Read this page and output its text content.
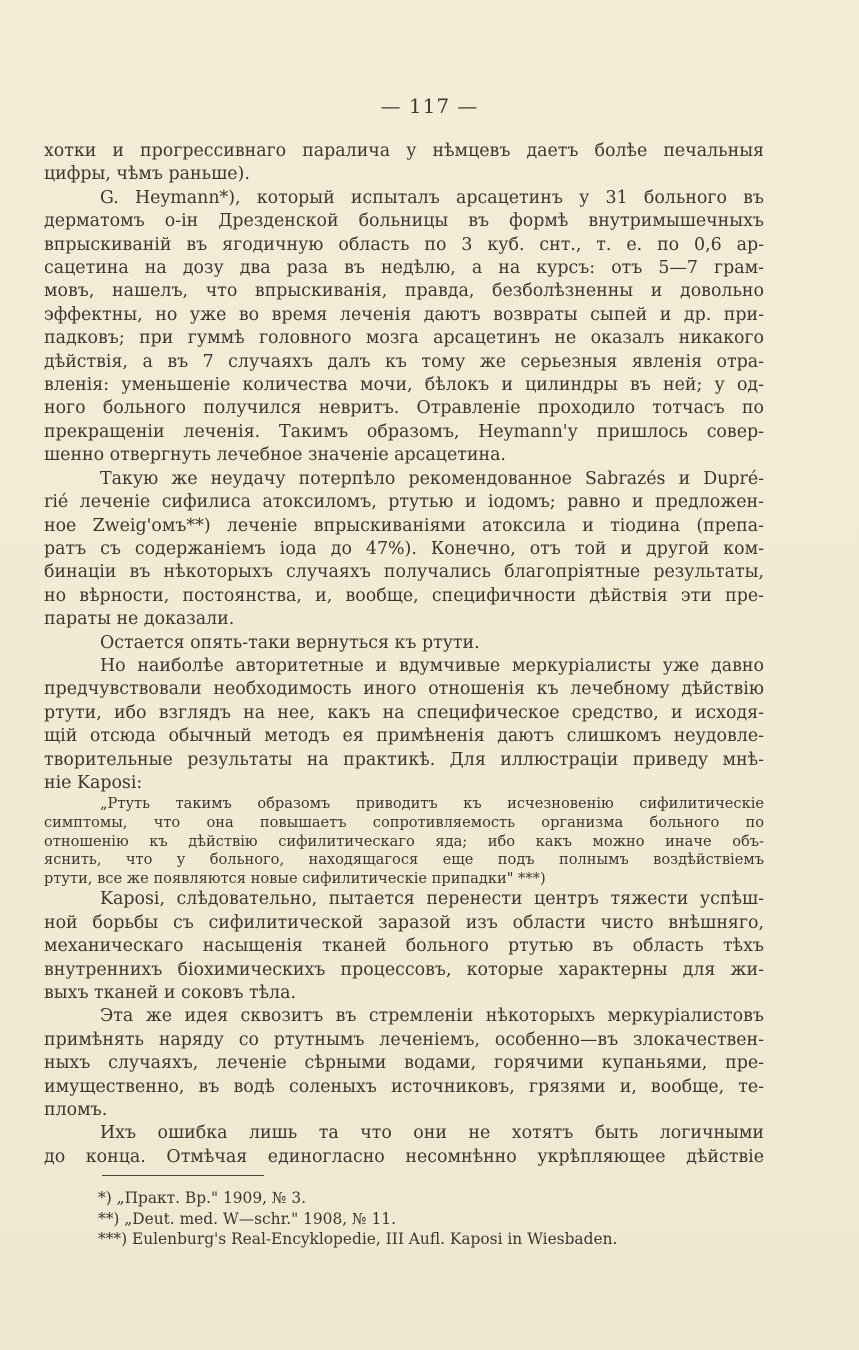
— 117 —
хотки и прогрессивнаго паралича у нѣмцевъ даетъ болѣе печальныя
цифры, чѣмъ раньше).
G. Heymann*), который испыталъ арсацетинъ у 31 больного въ
дерматомъ о-ін Дрезденской больницы въ формѣ внутримышечныхъ
впрыскиваній въ ягодичную область по 3 куб. снт., т. е. по 0,6 ар-
сацетина на дозу два раза въ недѣлю, а на курсъ: отъ 5—7 грам-
мовъ, нашелъ, что впрыскиванія, правда, безболѣзненны и довольно
эффектны, но уже во время леченія даютъ возвраты сыпей и др. при-
падковъ; при гуммѣ головного мозга арсацетинъ не оказалъ никакого
дѣйствія, а въ 7 случаяхъ далъ къ тому же серьезныя явленія отра-
вленія: уменьшеніе количества мочи, бѣлокъ и цилиндры въ ней; у од-
ного больного получился невритъ. Отравленіе проходило тотчасъ по
прекращеніи леченія. Такимъ образомъ, Heymann'у пришлось совер-
шенно отвергнуть лечебное значеніе арсацетина.
Такую же неудачу потерпѣло рекомендованное Sabrazés и Dupré-
rié леченіе сифилиса атоксиломъ, ртутью и іодомъ; равно и предложен-
ное Zweig'омъ**) леченіе впрыскиваніями атоксила и тіодина (препа-
ратъ съ содержаніемъ іода до 47%). Конечно, отъ той и другой ком-
бинаціи въ нѣкоторыхъ случаяхъ получались благопріятные результаты,
но вѣрности, постоянства, и, вообще, специфичности дѣйствія эти пре-
параты не доказали.
Остается опять-таки вернуться къ ртути.
Но наиболѣе авторитетные и вдумчивые меркуріалисты уже давно
предчувствовали необходимость иного отношенія къ лечебному дѣйствію
ртути, ибо взглядъ на нее, какъ на специфическое средство, и исходя-
щій отсюда обычный методъ ея примѣненія даютъ слишкомъ неудовле-
творительные результаты на практикѣ. Для иллюстраціи приведу мнѣ-
ніе Kaposi:
„Ртуть такимъ образомъ приводитъ къ исчезновенію сифилитическіе
симптомы, что она повышаетъ сопротивляемость организма больного по
отношенію къ дѣйствію сифилитическаго яда; ибо какъ можно иначе объ-
яснить, что у больного, находящагося еще подъ полнымъ воздѣйствіемъ
ртути, все же появляются новые сифилитическіе припадки" ***)
Kaposi, слѣдовательно, пытается перенести центръ тяжести успѣш-
ной борьбы съ сифилитической заразой изъ области чисто внѣшняго,
механическаго насыщенія тканей больного ртутью въ область тѣхъ
внутреннихъ біохимическихъ процессовъ, которые характерны для жи-
выхъ тканей и соковъ тѣла.
Эта же идея сквозитъ въ стремленіи нѣкоторыхъ меркуріалистовъ
примѣнять наряду со ртутнымъ леченіемъ, особенно—въ злокачествен-
ныхъ случаяхъ, леченіе сѣрными водами, горячими купаньями, пре-
имущественно, въ водѣ соленыхъ источниковъ, грязями и, вообще, те-
пломъ.
Ихъ ошибка лишь та что они не хотятъ быть логичными
до конца. Отмѣчая единогласно несомнѣнно укрѣпляющее дѣйствіе
*) „Практ. Вр." 1909, № 3.
**) „Deut. med. W—schr." 1908, № 11.
***) Eulenburg's Real-Encyklopedie, III Aufl. Kaposi in Wiesbaden.
